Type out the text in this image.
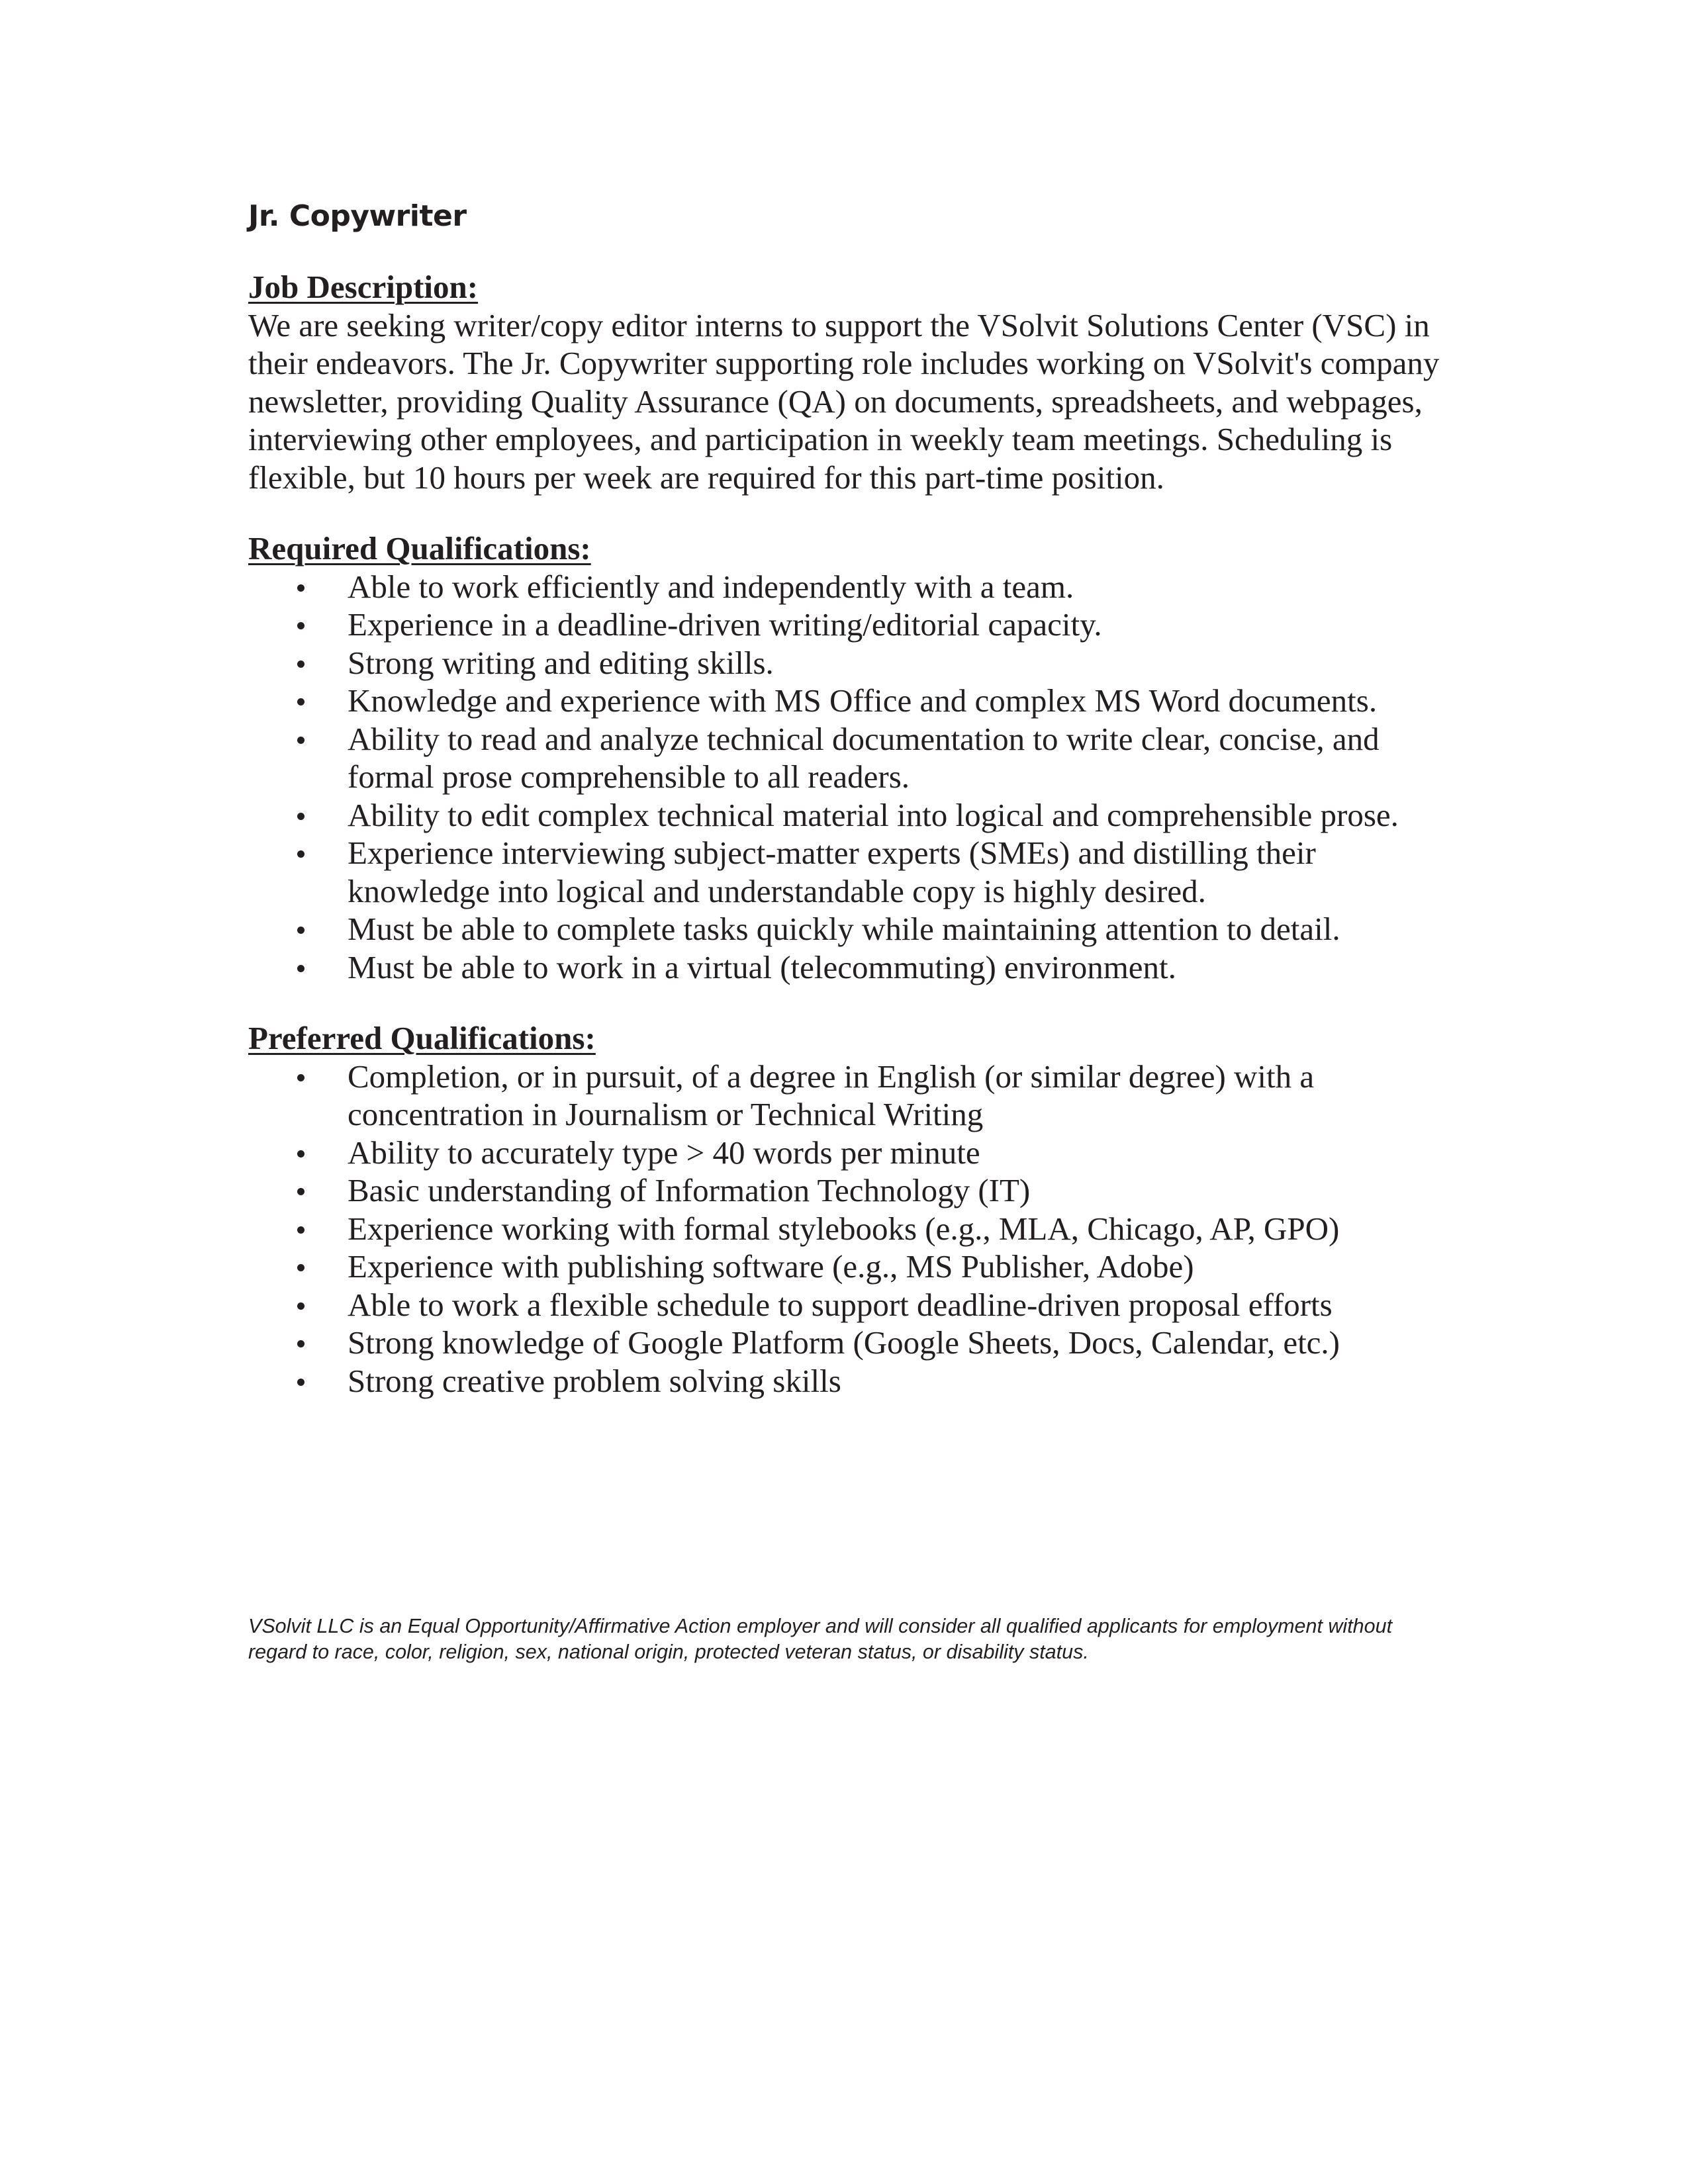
Jr. Copywriter
Job Description:

We are seeking writer/copy editor interns to support the VSolvit Solutions Center (VSC) in their endeavors. The Jr. Copywriter supporting role includes working on VSolvit's company newsletter, providing Quality Assurance (QA) on documents, spreadsheets, and webpages, interviewing other employees, and participation in weekly team meetings. Scheduling is flexible, but 10 hours per week are required for this part-time position.

Required Qualifications:
Able to work efficiently and independently with a team.
Experience in a deadline-driven writing/editorial capacity.
Strong writing and editing skills.
Knowledge and experience with MS Office and complex MS Word documents.
Ability to read and analyze technical documentation to write clear, concise, and formal prose comprehensible to all readers.
Ability to edit complex technical material into logical and comprehensible prose.
Experience interviewing subject-matter experts (SMEs) and distilling their knowledge into logical and understandable copy is highly desired.
Must be able to complete tasks quickly while maintaining attention to detail.
Must be able to work in a virtual (telecommuting) environment.
Preferred Qualifications:
Completion, or in pursuit, of a degree in English (or similar degree) with a concentration in Journalism or Technical Writing
Ability to accurately type > 40 words per minute
Basic understanding of Information Technology (IT)
Experience working with formal stylebooks (e.g., MLA, Chicago, AP, GPO)
Experience with publishing software (e.g., MS Publisher, Adobe)
Able to work a flexible schedule to support deadline-driven proposal efforts
Strong knowledge of Google Platform (Google Sheets, Docs, Calendar, etc.)
Strong creative problem solving skills

VSolvit LLC is an Equal Opportunity/Affirmative Action employer and will consider all qualified applicants for employment without regard to race, color, religion, sex, national origin, protected veteran status, or disability status.
